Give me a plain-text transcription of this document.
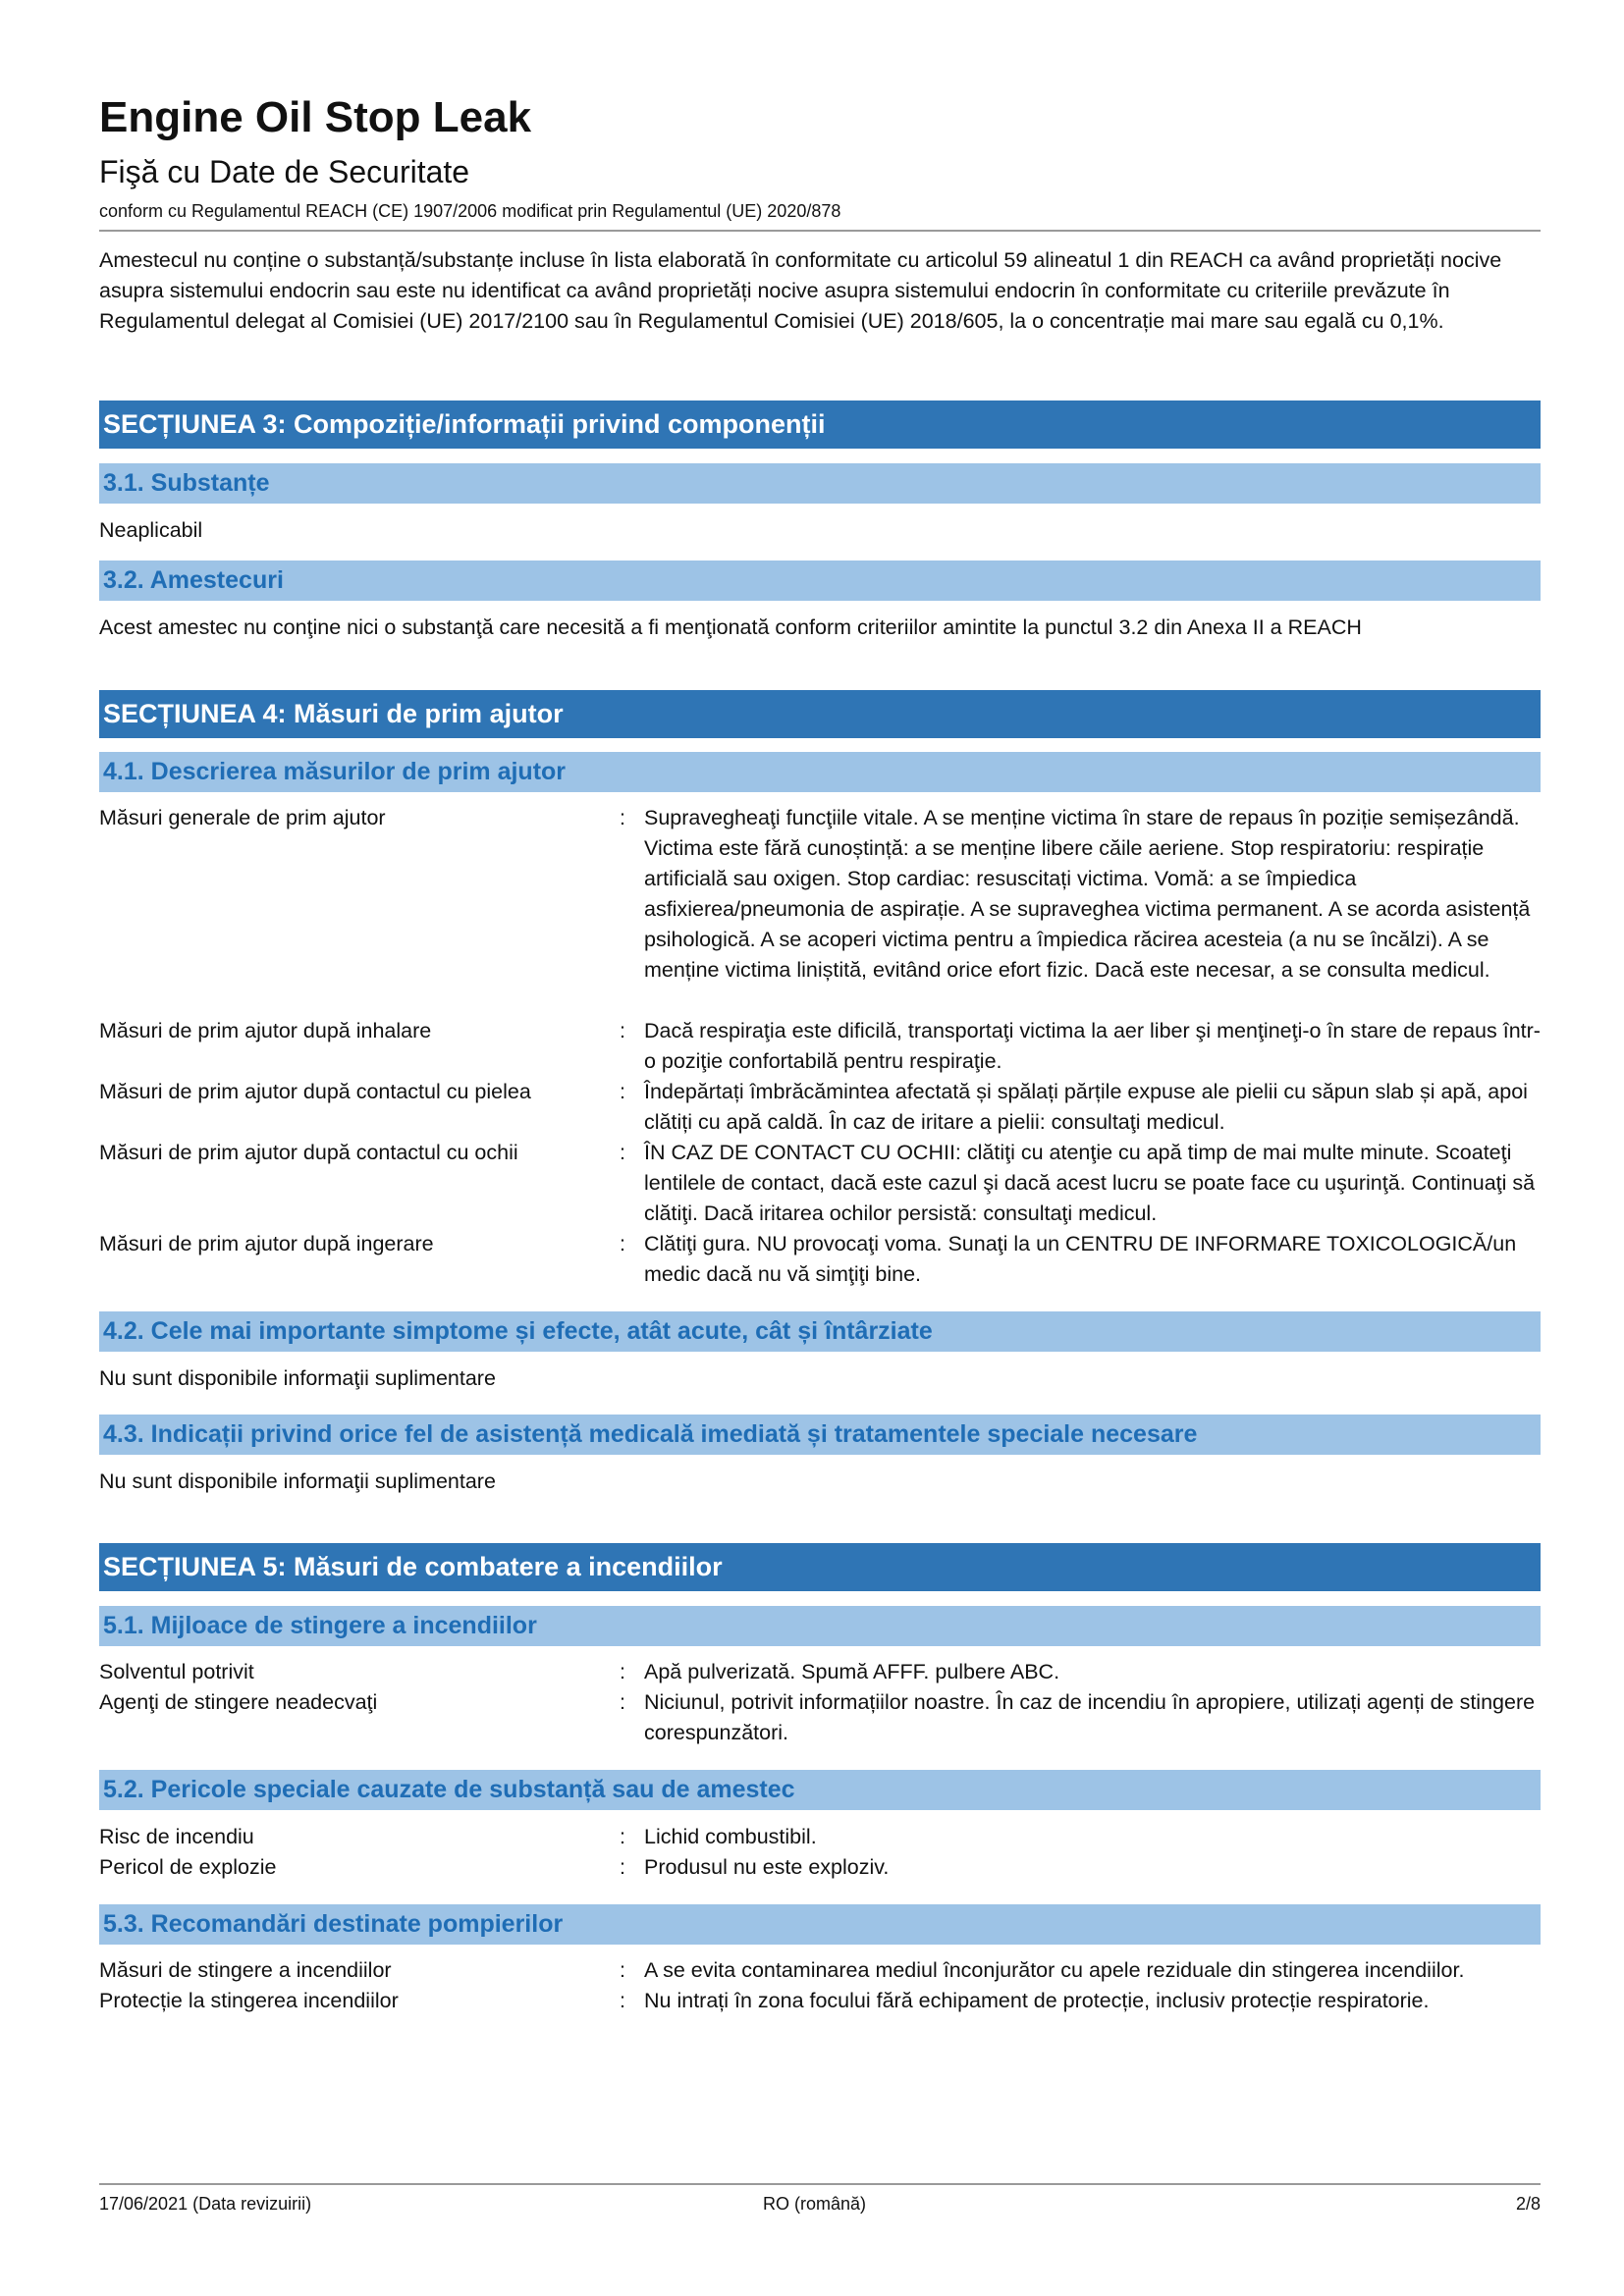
Engine Oil Stop Leak
Fişă cu Date de Securitate
conform cu Regulamentul REACH (CE) 1907/2006 modificat prin Regulamentul (UE) 2020/878
Amestecul nu conține o substanță/substanțe incluse în lista elaborată în conformitate cu articolul 59 alineatul 1 din REACH ca având proprietăți nocive asupra sistemului endocrin sau este nu identificat ca având proprietăți nocive asupra sistemului endocrin în conformitate cu criteriile prevăzute în Regulamentul delegat al Comisiei (UE) 2017/2100 sau în Regulamentul Comisiei (UE) 2018/605, la o concentrație mai mare sau egală cu 0,1%.
SECȚIUNEA 3: Compoziție/informații privind componenții
3.1. Substanțe
Neaplicabil
3.2. Amestecuri
Acest amestec nu conţine nici o substanţă care necesită a fi menţionată conform criteriilor amintite la punctul 3.2 din Anexa II a REACH
SECȚIUNEA 4: Măsuri de prim ajutor
4.1. Descrierea măsurilor de prim ajutor
Măsuri generale de prim ajutor	: Supravegheaţi funcţiile vitale. A se menține victima în stare de repaus în poziție semișezândă. Victima este fără cunoștință: a se menține libere căile aeriene. Stop respiratoriu: respirație artificială sau oxigen. Stop cardiac: resuscitați victima. Vomă: a se împiedica asfixierea/pneumonia de aspirație. A se supraveghea victima permanent. A se acorda asistență psihologică. A se acoperi victima pentru a împiedica răcirea acesteia (a nu se încălzi). A se menține victima liniștită, evitând orice efort fizic. Dacă este necesar, a se consulta medicul.
Măsuri de prim ajutor după inhalare	: Dacă respiraţia este dificilă, transportaţi victima la aer liber şi menţineţi-o în stare de repaus într-o poziţie confortabilă pentru respiraţie.
Măsuri de prim ajutor după contactul cu pielea	: Îndepărtați îmbrăcămintea afectată și spălați părțile expuse ale pielii cu săpun slab și apă, apoi clătiți cu apă caldă. În caz de iritare a pielii: consultaţi medicul.
Măsuri de prim ajutor după contactul cu ochii	: ÎN CAZ DE CONTACT CU OCHII: clătiţi cu atenţie cu apă timp de mai multe minute. Scoateţi lentilele de contact, dacă este cazul şi dacă acest lucru se poate face cu uşurinţă. Continuaţi să clătiţi. Dacă iritarea ochilor persistă: consultaţi medicul.
Măsuri de prim ajutor după ingerare	: Clătiţi gura. NU provocaţi voma. Sunaţi la un CENTRU DE INFORMARE TOXICOLOGICĂ/un medic dacă nu vă simţiţi bine.
4.2. Cele mai importante simptome și efecte, atât acute, cât și întârziate
Nu sunt disponibile informaţii suplimentare
4.3. Indicații privind orice fel de asistență medicală imediată și tratamentele speciale necesare
Nu sunt disponibile informaţii suplimentare
SECȚIUNEA 5: Măsuri de combatere a incendiilor
5.1. Mijloace de stingere a incendiilor
Solventul potrivit	: Apă pulverizată. Spumă AFFF. pulbere ABC.
Agenţi de stingere neadecvaţi	: Niciunul, potrivit informațiilor noastre. În caz de incendiu în apropiere, utilizați agenți de stingere corespunzători.
5.2. Pericole speciale cauzate de substanță sau de amestec
Risc de incendiu	: Lichid combustibil.
Pericol de explozie	: Produsul nu este exploziv.
5.3. Recomandări destinate pompierilor
Măsuri de stingere a incendiilor	: A se evita contaminarea mediul înconjurător cu apele reziduale din stingerea incendiilor.
Protecție la stingerea incendiilor	: Nu intrați în zona focului fără echipament de protecție, inclusiv protecție respiratorie.
17/06/2021 (Data revizuirii)	RO (română)	2/8
